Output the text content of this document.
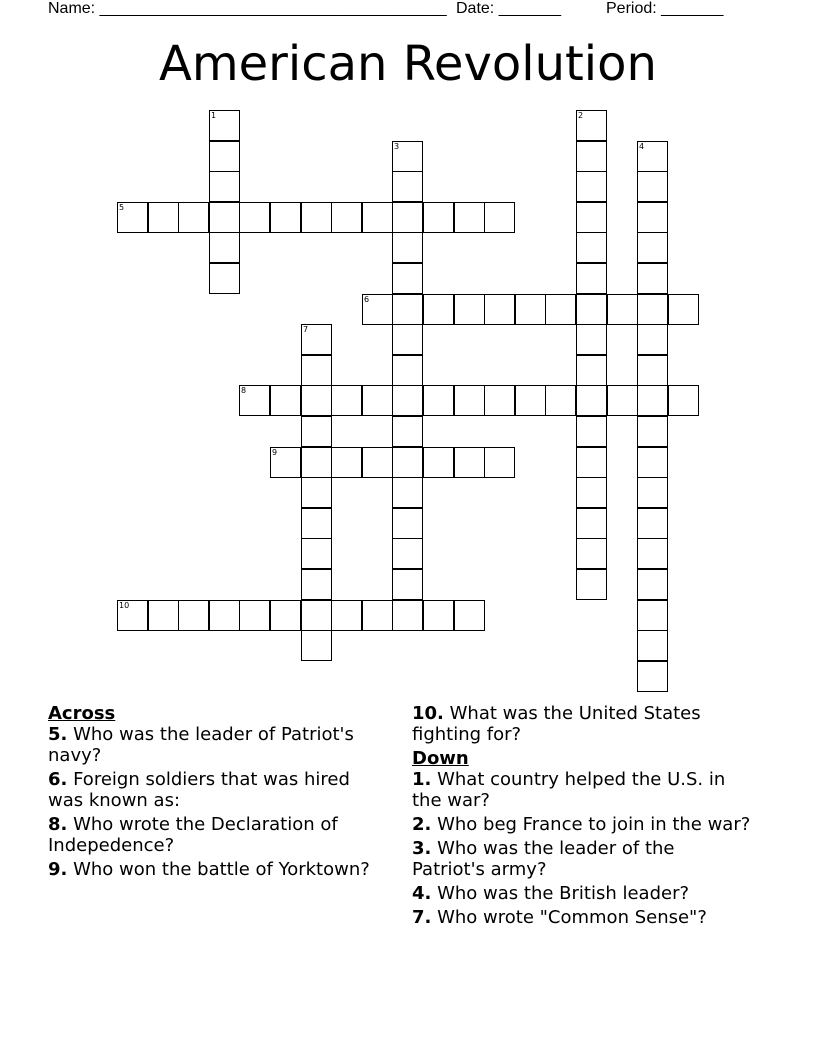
Name: _______________________________________ Date: _______	Period: _______
American Revolution
1	2
3	4
5
6
7
8
9
10
Across
5. Who was the leader of Patriot's navy?
6. Foreign soldiers that was hired was known as:
8. Who wrote the Declaration of Indepedence?
9. Who won the battle of Yorktown?
10. What was the United States fighting for?
Down
1. What country helped the U.S. in the war?
2. Who beg France to join in the war?
3. Who was the leader of the Patriot's army?
4. Who was the British leader?
7. Who wrote "Common Sense"?
